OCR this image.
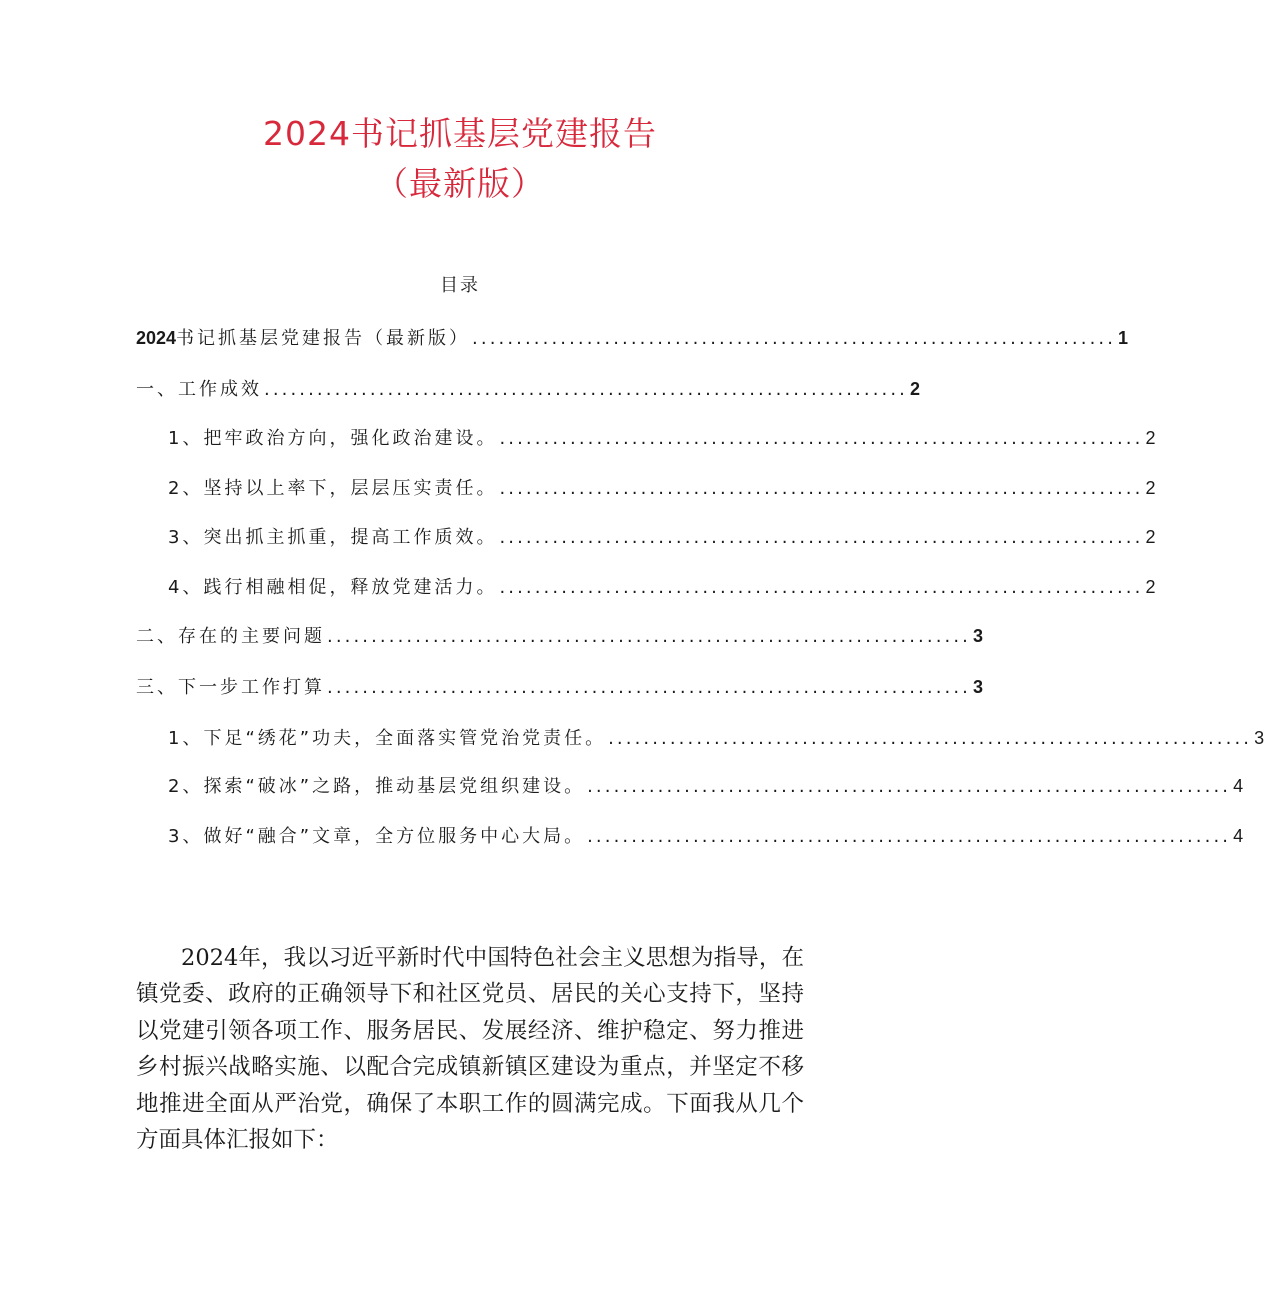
2024书记抓基层党建报告
（最新版）
目录
2024书记抓基层党建报告（最新版） ......................................................................... 1
一、工作成效 ......................................................................... 2
1、把牢政治方向，强化政治建设。 ......................................................................... 2
2、坚持以上率下，层层压实责任。 ......................................................................... 2
3、突出抓主抓重，提高工作质效。 ......................................................................... 2
4、践行相融相促，释放党建活力。 ......................................................................... 2
二、存在的主要问题 ......................................................................... 3
三、下一步工作打算 ......................................................................... 3
1、下足“绣花”功夫，全面落实管党治党责任。 ......................................................................... 3
2、探索“破冰”之路，推动基层党组织建设。 ......................................................................... 4
3、做好“融合”文章，全方位服务中心大局。 ......................................................................... 4

2024年，我以习近平新时代中国特色社会主义思想为指导，在镇党委、政府的正确领导下和社区党员、居民的关心支持下，坚持以党建引领各项工作、服务居民、发展经济、维护稳定、努力推进乡村振兴战略实施、以配合完成镇新镇区建设为重点，并坚定不移地推进全面从严治党，确保了本职工作的圆满完成。下面我从几个方面具体汇报如下：
